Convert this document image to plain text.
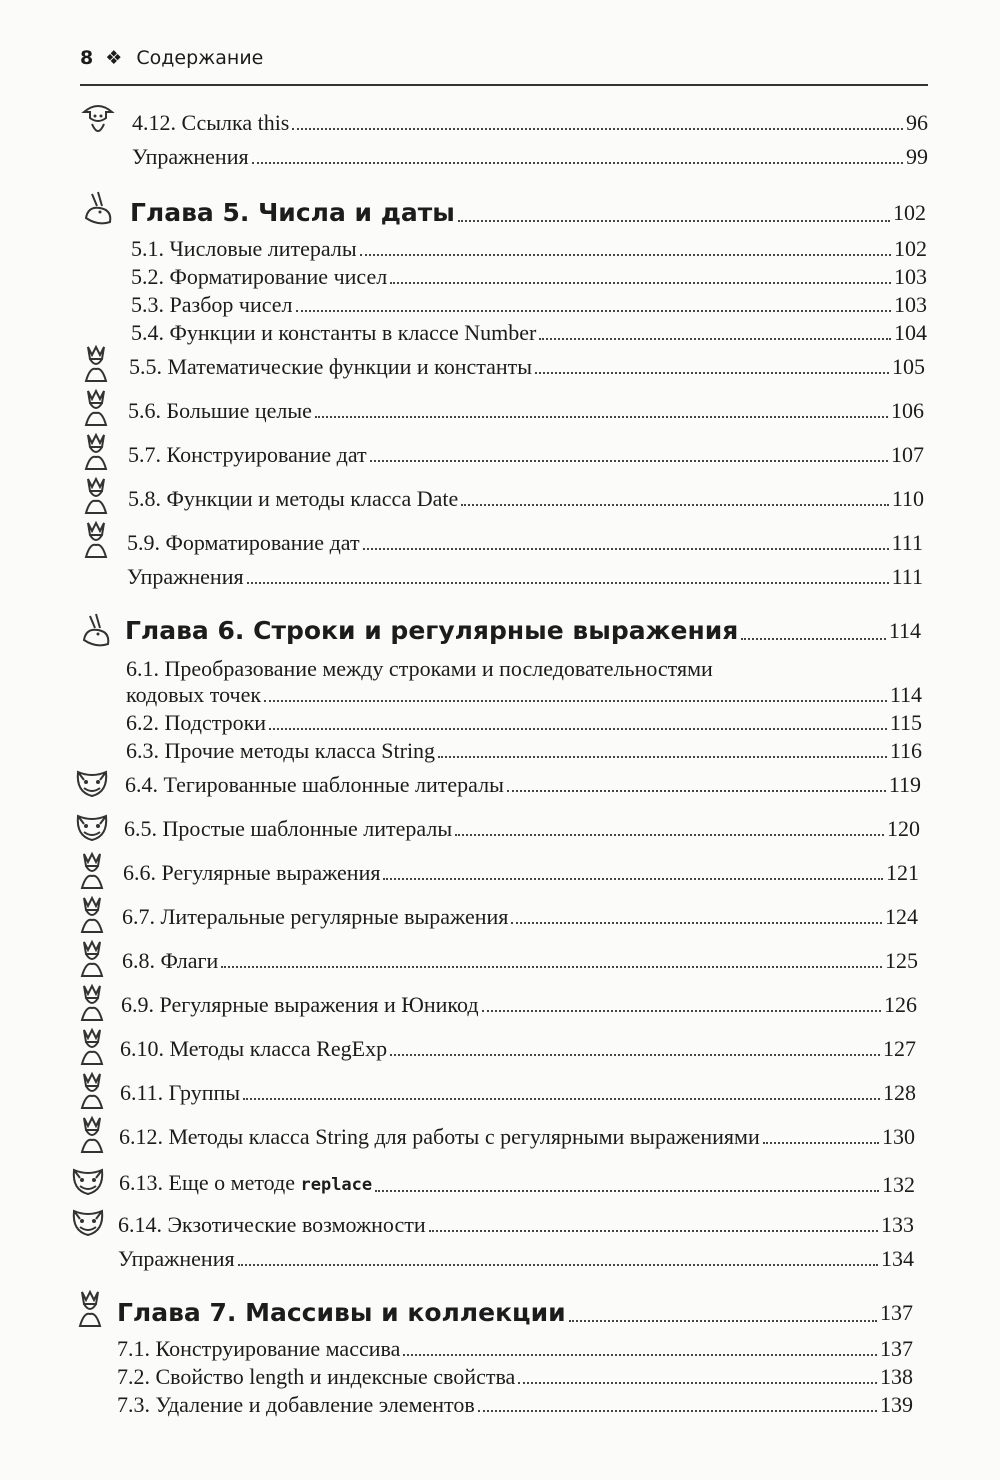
8 ❖ Содержание
4.12. Ссылка this	96
Упражнения	99
Глава 5. Числа и даты	102
5.1. Числовые литералы	102
5.2. Форматирование чисел	103
5.3. Разбор чисел	103
5.4. Функции и константы в классе Number	104
5.5. Математические функции и константы	105
5.6. Большие целые	106
5.7. Конструирование дат	107
5.8. Функции и методы класса Date	110
5.9. Форматирование дат	111
Упражнения	111
Глава 6. Строки и регулярные выражения	114
6.1. Преобразование между строками и последовательностями
кодовых точек	114
6.2. Подстроки	115
6.3. Прочие методы класса String	116
6.4. Тегированные шаблонные литералы	119
6.5. Простые шаблонные литералы	120
6.6. Регулярные выражения	121
6.7. Литеральные регулярные выражения	124
6.8. Флаги	125
6.9. Регулярные выражения и Юникод	126
6.10. Методы класса RegExp	127
6.11. Группы	128
6.12. Методы класса String для работы с регулярными выражениями	130
6.13. Еще о методе replace	132
6.14. Экзотические возможности	133
Упражнения	134
Глава 7. Массивы и коллекции	137
7.1. Конструирование массива	137
7.2. Свойство length и индексные свойства	138
7.3. Удаление и добавление элементов	139
